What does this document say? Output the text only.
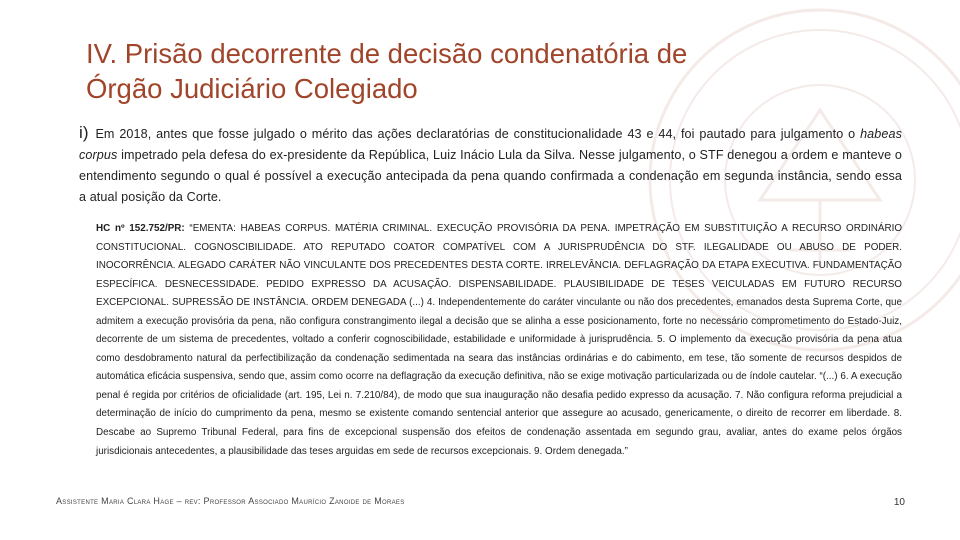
IV. Prisão decorrente de decisão condenatória de
Órgão Judiciário Colegiado

i) Em 2018, antes que fosse julgado o mérito das ações declaratórias de constitucionalidade 43 e 44, foi pautado para julgamento o habeas corpus impetrado pela defesa do ex-presidente da República, Luiz Inácio Lula da Silva. Nesse julgamento, o STF denegou a ordem e manteve o entendimento segundo o qual é possível a execução antecipada da pena quando confirmada a condenação em segunda instância, sendo essa a atual posição da Corte.

HC nº 152.752/PR: “EMENTA: HABEAS CORPUS. MATÉRIA CRIMINAL. EXECUÇÃO PROVISÓRIA DA PENA. IMPETRAÇÃO EM SUBSTITUIÇÃO A RECURSO ORDINÁRIO CONSTITUCIONAL. COGNOSCIBILIDADE. ATO REPUTADO COATOR COMPATÍVEL COM A JURISPRUDÊNCIA DO STF. ILEGALIDADE OU ABUSO DE PODER. INOCORRÊNCIA. ALEGADO CARÁTER NÃO VINCULANTE DOS PRECEDENTES DESTA CORTE. IRRELEVÂNCIA. DEFLAGRAÇÃO DA ETAPA EXECUTIVA. FUNDAMENTAÇÃO ESPECÍFICA. DESNECESSIDADE. PEDIDO EXPRESSO DA ACUSAÇÃO. DISPENSABILIDADE. PLAUSIBILIDADE DE TESES VEICULADAS EM FUTURO RECURSO EXCEPCIONAL. SUPRESSÃO DE INSTÂNCIA. ORDEM DENEGADA (...) 4. Independentemente do caráter vinculante ou não dos precedentes, emanados desta Suprema Corte, que admitem a execução provisória da pena, não configura constrangimento ilegal a decisão que se alinha a esse posicionamento, forte no necessário comprometimento do Estado-Juiz, decorrente de um sistema de precedentes, voltado a conferir cognoscibilidade, estabilidade e uniformidade à jurisprudência. 5. O implemento da execução provisória da pena atua como desdobramento natural da perfectibilização da condenação sedimentada na seara das instâncias ordinárias e do cabimento, em tese, tão somente de recursos despidos de automática eficácia suspensiva, sendo que, assim como ocorre na deflagração da execução definitiva, não se exige motivação particularizada ou de índole cautelar. “(...) 6. A execução penal é regida por critérios de oficialidade (art. 195, Lei n. 7.210/84), de modo que sua inauguração não desafia pedido expresso da acusação. 7. Não configura reforma prejudicial a determinação de início do cumprimento da pena, mesmo se existente comando sentencial anterior que assegure ao acusado, genericamente, o direito de recorrer em liberdade. 8. Descabe ao Supremo Tribunal Federal, para fins de excepcional suspensão dos efeitos de condenação assentada em segundo grau, avaliar, antes do exame pelos órgãos jurisdicionais antecedentes, a plausibilidade das teses arguidas em sede de recursos excepcionais. 9. Ordem denegada.”

Assistente Maria Clara Hage – rev: Professor Associado Maurício Zanoide de Moraes	10
